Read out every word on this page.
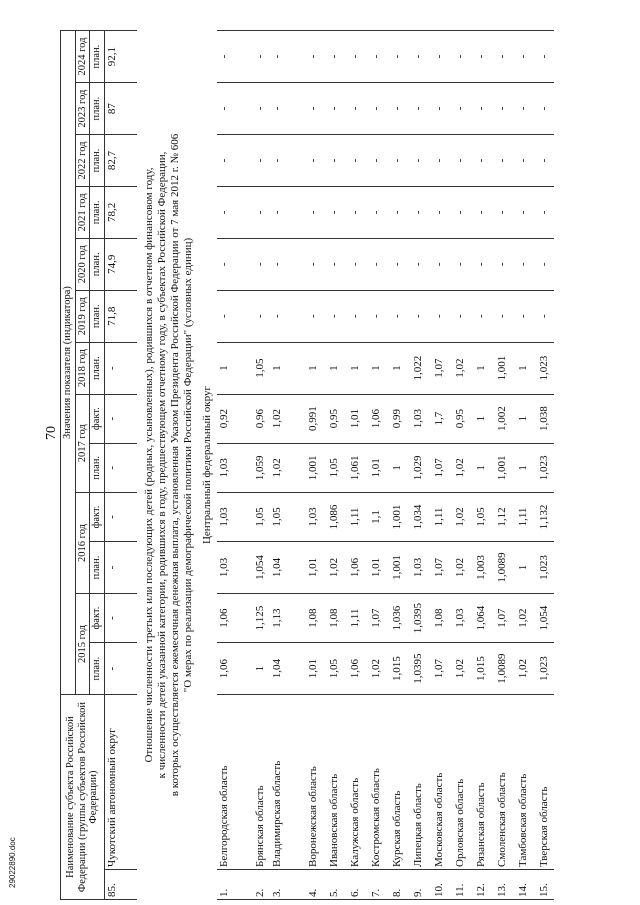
70
29022890.doc	Наименование субъекта Российской Федерации (группы субъектов Российской Федерации)		Значения показателя (индикатора)												
		2015 год		2016 год		2017 год		2018 год	2019 год	2020 год	2021 год	2022 год	2023 год	2024 год
		план.	факт.	план.	факт.	план.	факт.	план.	план.	план.	план.	план.	план.	план.
85.	Чукотский автономный округ	-	-	-	-	-	-	-	71,8	74,9	78,2	82,7	87	92,1

Отношение численности третьих или последующих детей (родных, усыновленных), родившихся в отчетном финансовом году, к численности детей указанной категории, родившихся в году, предшествующем отчетному году, в субъектах Российской Федерации, в которых осуществляется ежемесячная денежная выплата, установленная Указом Президента Российской Федерации от 7 мая 2012 г. № 606 "О мерах по реализации демографической политики Российской Федерации" (условных единиц)														

Центральный федеральный округ														
1.	Белгородская область	1,06	1,06	1,03	1,03	1,03	0,92	1	-	-	-	-	-	-
2.	Брянская область	1	1,125	1,054	1,05	1,059	0,96	1,05	-	-	-	-	-	-
3.	Владимирская область	1,04	1,13	1,04	1,05	1,02	1,02	1	-	-	-	-	-	-
4.	Воронежская область	1,01	1,08	1,01	1,03	1,001	0,991	1	-	-	-	-	-	-
5.	Ивановская область	1,05	1,08	1,02	1,086	1,05	0,95	1	-	-	-	-	-	-
6.	Калужская область	1,06	1,11	1,06	1,11	1,061	1,01	1	-	-	-	-	-	-
7.	Костромская область	1,02	1,07	1,01	1,1	1,01	1,06	1	-	-	-	-	-	-
8.	Курская область	1,015	1,036	1,001	1,001	1	0,99	1	-	-	-	-	-	-
9.	Липецкая область	1,0395	1,0395	1,03	1,034	1,029	1,03	1,022	-	-	-	-	-	-
10.	Московская область	1,07	1,08	1,07	1,11	1,07	1,7	1,07	-	-	-	-	-	-
11.	Орловская область	1,02	1,03	1,02	1,02	1,02	0,95	1,02	-	-	-	-	-	-
12.	Рязанская область	1,015	1,064	1,003	1,05	1	1	1	-	-	-	-	-	-
13.	Смоленская область	1,0089	1,07	1,0089	1,12	1,001	1,002	1,001	-	-	-	-	-	-
14.	Тамбовская область	1,02	1,02	1	1,11	1	1	1	-	-	-	-	-	-
15.	Тверская область	1,023	1,054	1,023	1,132	1,023	1,038	1,023	-	-	-	-	-	-
